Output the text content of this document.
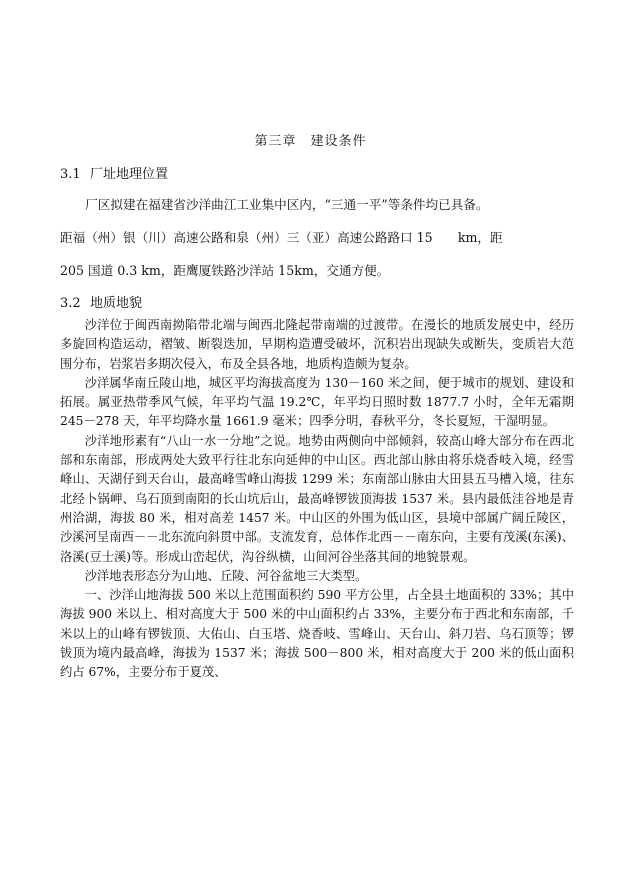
第三章　建设条件
3.1 厂址地理位置
厂区拟建在福建省沙洋曲江工业集中区内，“三通一平”等条件均已具备。
距福（州）银（川）高速公路和泉（州）三（亚）高速公路路口 15　　km，距
205 国道 0.3 km，距鹰厦铁路沙洋站 15km，交通方便。
3.2 地质地貌

沙洋位于闽西南拗陷带北端与闽西北隆起带南端的过渡带。在漫长的地质发展史中，经历多旋回构造运动，褶皱、断裂迭加，早期构造遭受破坏，沉积岩出现缺失或断失，变质岩大范围分布，岩浆岩多期次侵入，布及全县各地，地质构造颇为复杂。

沙洋属华南丘陵山地，城区平均海拔高度为 130－160 米之间，便于城市的规划、建设和拓展。属亚热带季风气候，年平均气温 19.2℃，年平均日照时数 1877.7 小时，全年无霜期 245－278 天，年平均降水量 1661.9 毫米；四季分明，春秋平分，冬长夏短，干湿明显。

沙洋地形素有“八山一水一分地”之说。地势由两侧向中部倾斜，较高山峰大部分布在西北部和东南部，形成两处大致平行往北东向延伸的中山区。西北部山脉由将乐烧香岐入境，经雪峰山、天湖仔到天台山，最高峰雪峰山海拔 1299 米；东南部山脉由大田县五马槽入境，往东北经卜锅岬、乌石顶到南阳的长山坑后山，最高峰锣钹顶海拔 1537 米。县内最低洼谷地是青州洽湖，海拔 80 米，相对高差 1457 米。中山区的外围为低山区，县境中部属广阔丘陵区，沙溪河呈南西－－北东流向斜贯中部。支流发育，总体作北西－－南东向，主要有茂溪(东溪)、洛溪(豆士溪)等。形成山峦起伏，沟谷纵横，山间河谷坐落其间的地貌景观。

沙洋地表形态分为山地、丘陵、河谷盆地三大类型。

一、沙洋山地海拔 500 米以上范围面积约 590 平方公里，占全县土地面积的 33%；其中海拔 900 米以上、相对高度大于 500 米的中山面积约占 33%，主要分布于西北和东南部，千米以上的山峰有锣钹顶、大佑山、白玉塔、烧香岐、雪峰山、天台山、斜刀岩、乌石顶等；锣钹顶为境内最高峰，海拔为 1537 米；海拔 500－800 米，相对高度大于 200 米的低山面积约占 67%，主要分布于夏茂、
